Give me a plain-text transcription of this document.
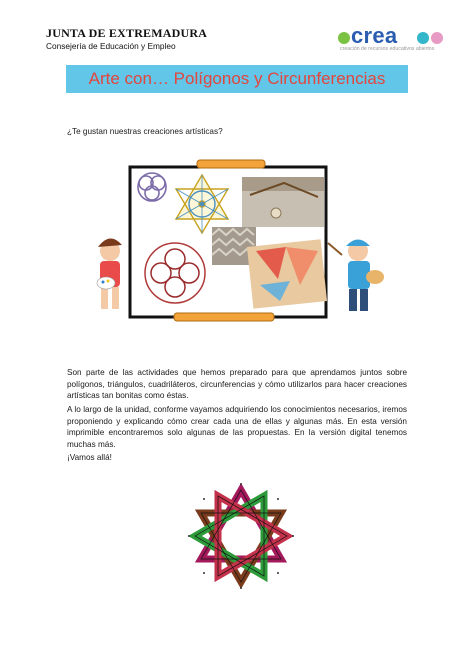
JUNTA DE EXTREMADURA
Consejería de Educación y Empleo	crea
creación de recursos educativos abiertos
Arte con… Polígonos y Circunferencias
¿Te gustan nuestras creaciones artísticas?
Son parte de las actividades que hemos preparado para que aprendamos juntos sobre polígonos, triángulos, cuadriláteros, circunferencias y cómo utilizarlos para hacer creaciones artísticas tan bonitas como éstas.
A lo largo de la unidad, conforme vayamos adquiriendo los conocimientos necesarios, iremos proponiendo y explicando cómo crear cada una de ellas y algunas más. En esta versión imprimible encontraremos solo algunas de las propuestas. En la versión digital tenemos muchas más.
¡Vamos allá!
